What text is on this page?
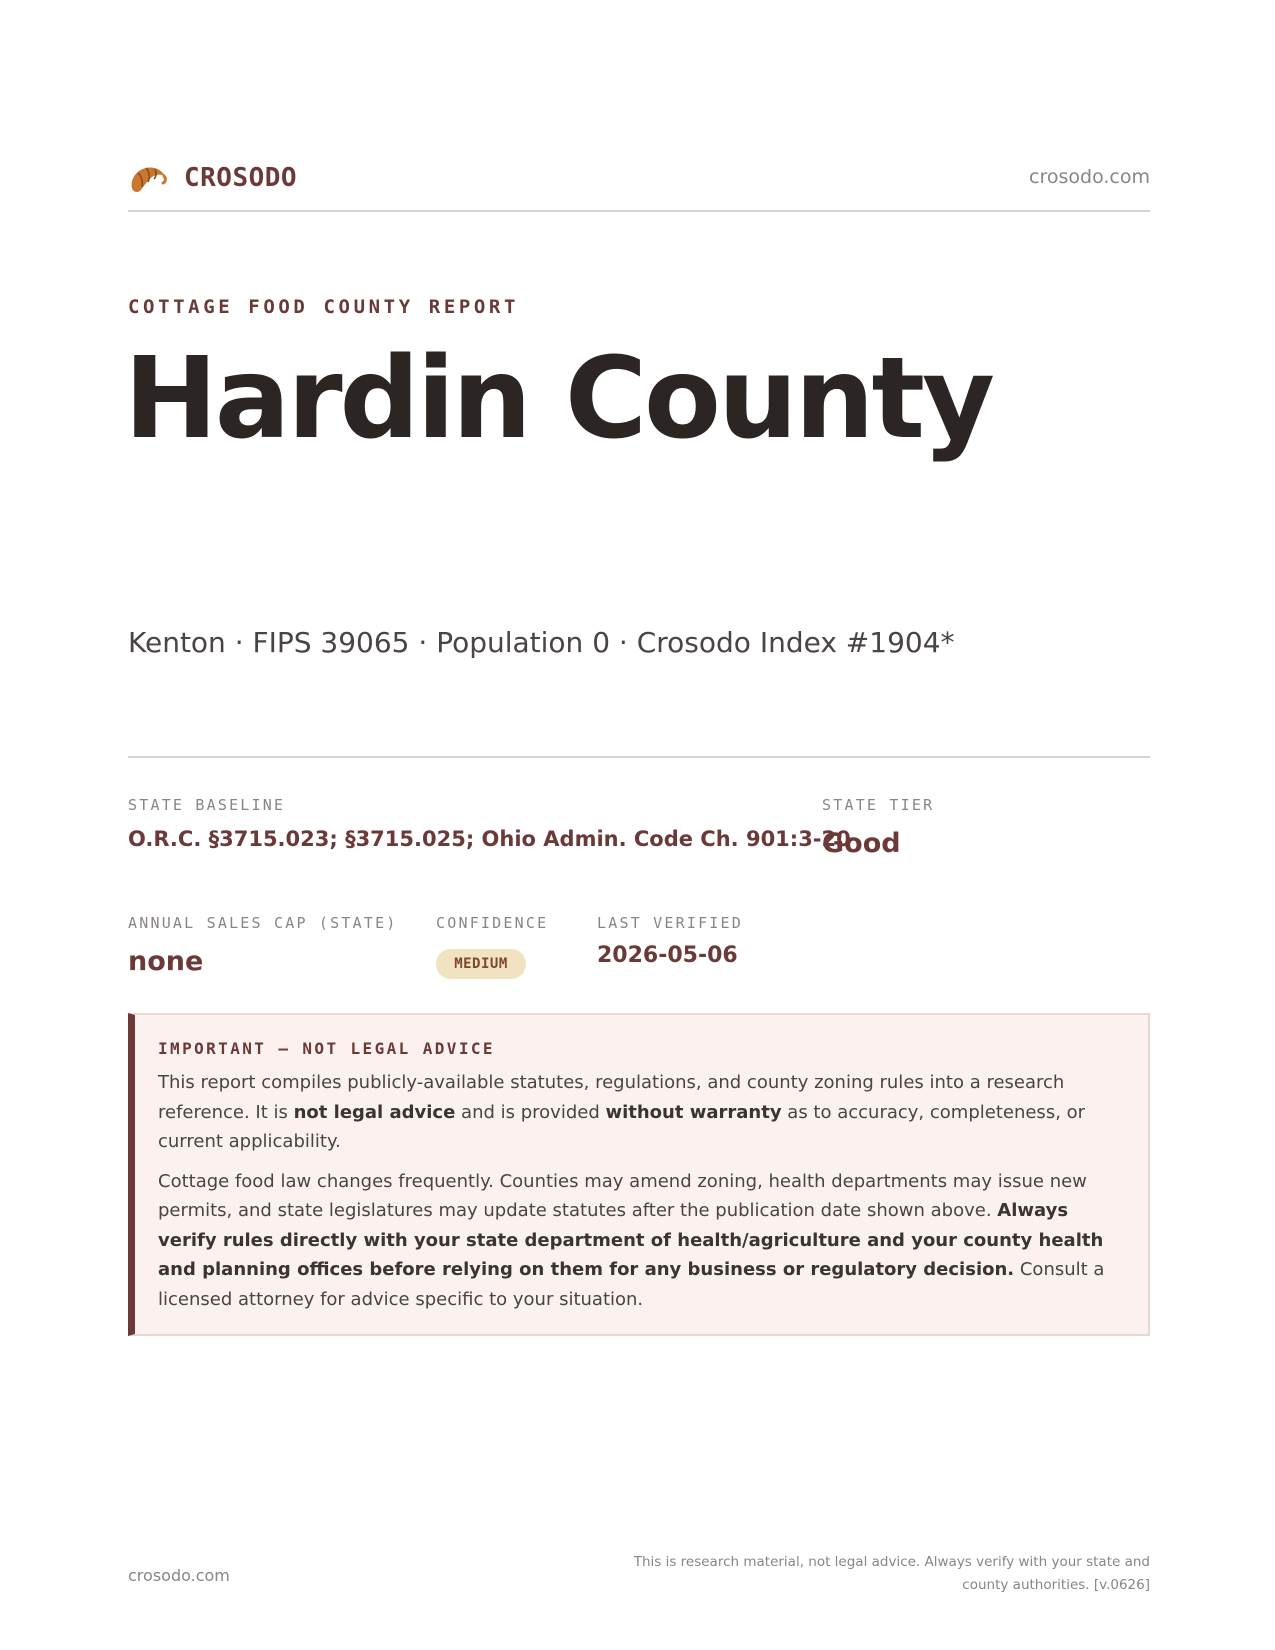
CROSODO	crosodo.com
COTTAGE FOOD COUNTY REPORT
Hardin County
Kenton · FIPS 39065 · Population 0 · Crosodo Index #1904*
STATE BASELINE
O.R.C. §3715.023; §3715.025; Ohio Admin. Code Ch. 901:3-20
STATE TIER
Good
ANNUAL SALES CAP (STATE)
none
CONFIDENCE
MEDIUM
LAST VERIFIED
2026-05-06
IMPORTANT — NOT LEGAL ADVICE

This report compiles publicly-available statutes, regulations, and county zoning rules into a research reference. It is not legal advice and is provided without warranty as to accuracy, completeness, or current applicability.

Cottage food law changes frequently. Counties may amend zoning, health departments may issue new permits, and state legislatures may update statutes after the publication date shown above. Always verify rules directly with your state department of health/agriculture and your county health and planning offices before relying on them for any business or regulatory decision. Consult a licensed attorney for advice specific to your situation.

crosodo.com
This is research material, not legal advice. Always verify with your state and county authorities. [v.0626]
